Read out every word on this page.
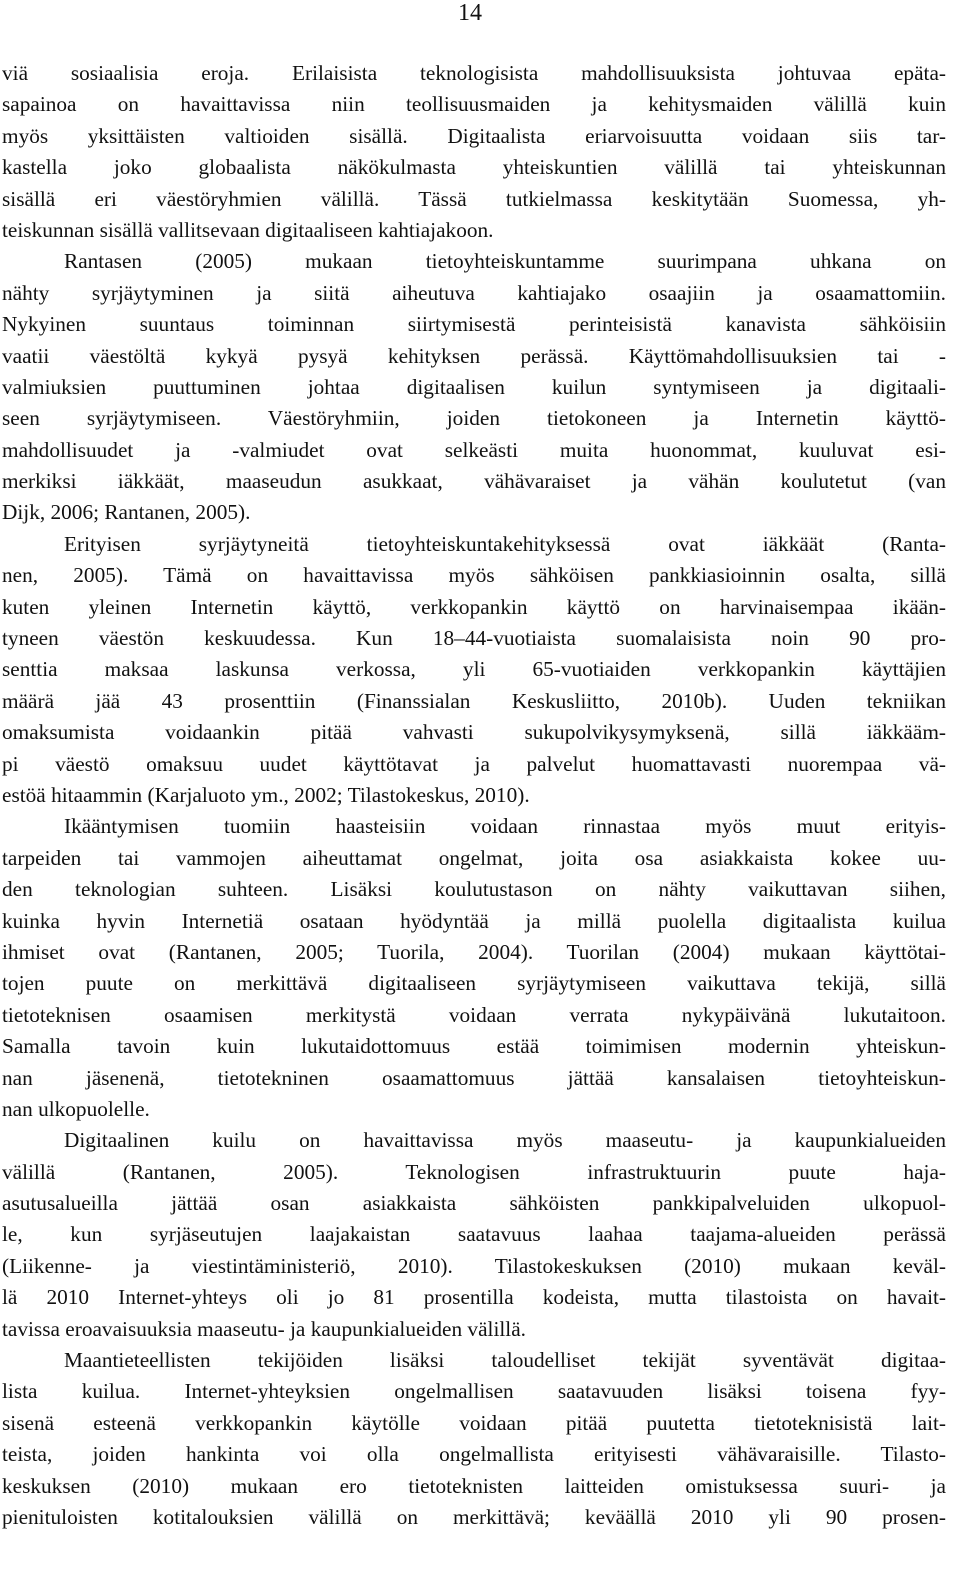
14
viä sosiaalisia eroja. Erilaisista teknologisista mahdollisuuksista johtuvaa epäta-
sapainoa on havaittavissa niin teollisuusmaiden ja kehitysmaiden välillä kuin
myös yksittäisten valtioiden sisällä. Digitaalista eriarvoisuutta voidaan siis tar-
kastella joko globaalista näkökulmasta yhteiskuntien välillä tai yhteiskunnan
sisällä eri väestöryhmien välillä. Tässä tutkielmassa keskitytään Suomessa, yh-
teiskunnan sisällä vallitsevaan digitaaliseen kahtiajakoon.
Rantasen (2005) mukaan tietoyhteiskuntamme suurimpana uhkana on
nähty syrjäytyminen ja siitä aiheutuva kahtiajako osaajiin ja osaamattomiin.
Nykyinen suuntaus toiminnan siirtymisestä perinteisistä kanavista sähköisiin
vaatii väestöltä kykyä pysyä kehityksen perässä. Käyttömahdollisuuksien tai -
valmiuksien puuttuminen johtaa digitaalisen kuilun syntymiseen ja digitaali-
seen syrjäytymiseen. Väestöryhmiin, joiden tietokoneen ja Internetin käyttö-
mahdollisuudet ja -valmiudet ovat selkeästi muita huonommat, kuuluvat esi-
merkiksi iäkkäät, maaseudun asukkaat, vähävaraiset ja vähän koulutetut (van
Dijk, 2006; Rantanen, 2005).
Erityisen syrjäytyneitä tietoyhteiskuntakehityksessä ovat iäkkäät (Ranta-
nen, 2005). Tämä on havaittavissa myös sähköisen pankkiasioinnin osalta, sillä
kuten yleinen Internetin käyttö, verkkopankin käyttö on harvinaisempaa ikään-
tyneen väestön keskuudessa. Kun 18–44-vuotiaista suomalaisista noin 90 pro-
senttia maksaa laskunsa verkossa, yli 65-vuotiaiden verkkopankin käyttäjien
määrä jää 43 prosenttiin (Finanssialan Keskusliitto, 2010b). Uuden tekniikan
omaksumista voidaankin pitää vahvasti sukupolvikysymyksenä, sillä iäkkääm-
pi väestö omaksuu uudet käyttötavat ja palvelut huomattavasti nuorempaa vä-
estöä hitaammin (Karjaluoto ym., 2002; Tilastokeskus, 2010).
Ikääntymisen tuomiin haasteisiin voidaan rinnastaa myös muut erityis-
tarpeiden tai vammojen aiheuttamat ongelmat, joita osa asiakkaista kokee uu-
den teknologian suhteen. Lisäksi koulutustason on nähty vaikuttavan siihen,
kuinka hyvin Internetiä osataan hyödyntää ja millä puolella digitaalista kuilua
ihmiset ovat (Rantanen, 2005; Tuorila, 2004). Tuorilan (2004) mukaan käyttötai-
tojen puute on merkittävä digitaaliseen syrjäytymiseen vaikuttava tekijä, sillä
tietoteknisen osaamisen merkitystä voidaan verrata nykypäivänä lukutaitoon.
Samalla tavoin kuin lukutaidottomuus estää toimimisen modernin yhteiskun-
nan jäsenenä, tietotekninen osaamattomuus jättää kansalaisen tietoyhteiskun-
nan ulkopuolelle.
Digitaalinen kuilu on havaittavissa myös maaseutu- ja kaupunkialueiden
välillä (Rantanen, 2005). Teknologisen infrastruktuurin puute haja-
asutusalueilla jättää osan asiakkaista sähköisten pankkipalveluiden ulkopuol-
le, kun syrjäseutujen laajakaistan saatavuus laahaa taajama-alueiden perässä
(Liikenne- ja viestintäministeriö, 2010). Tilastokeskuksen (2010) mukaan keväl-
lä 2010 Internet-yhteys oli jo 81 prosentilla kodeista, mutta tilastoista on havait-
tavissa eroavaisuuksia maaseutu- ja kaupunkialueiden välillä.
Maantieteellisten tekijöiden lisäksi taloudelliset tekijät syventävät digitaa-
lista kuilua. Internet-yhteyksien ongelmallisen saatavuuden lisäksi toisena fyy-
sisenä esteenä verkkopankin käytölle voidaan pitää puutetta tietoteknisistä lait-
teista, joiden hankinta voi olla ongelmallista erityisesti vähävaraisille. Tilasto-
keskuksen (2010) mukaan ero tietoteknisten laitteiden omistuksessa suuri- ja
pienituloisten kotitalouksien välillä on merkittävä; keväällä 2010 yli 90 prosen-
